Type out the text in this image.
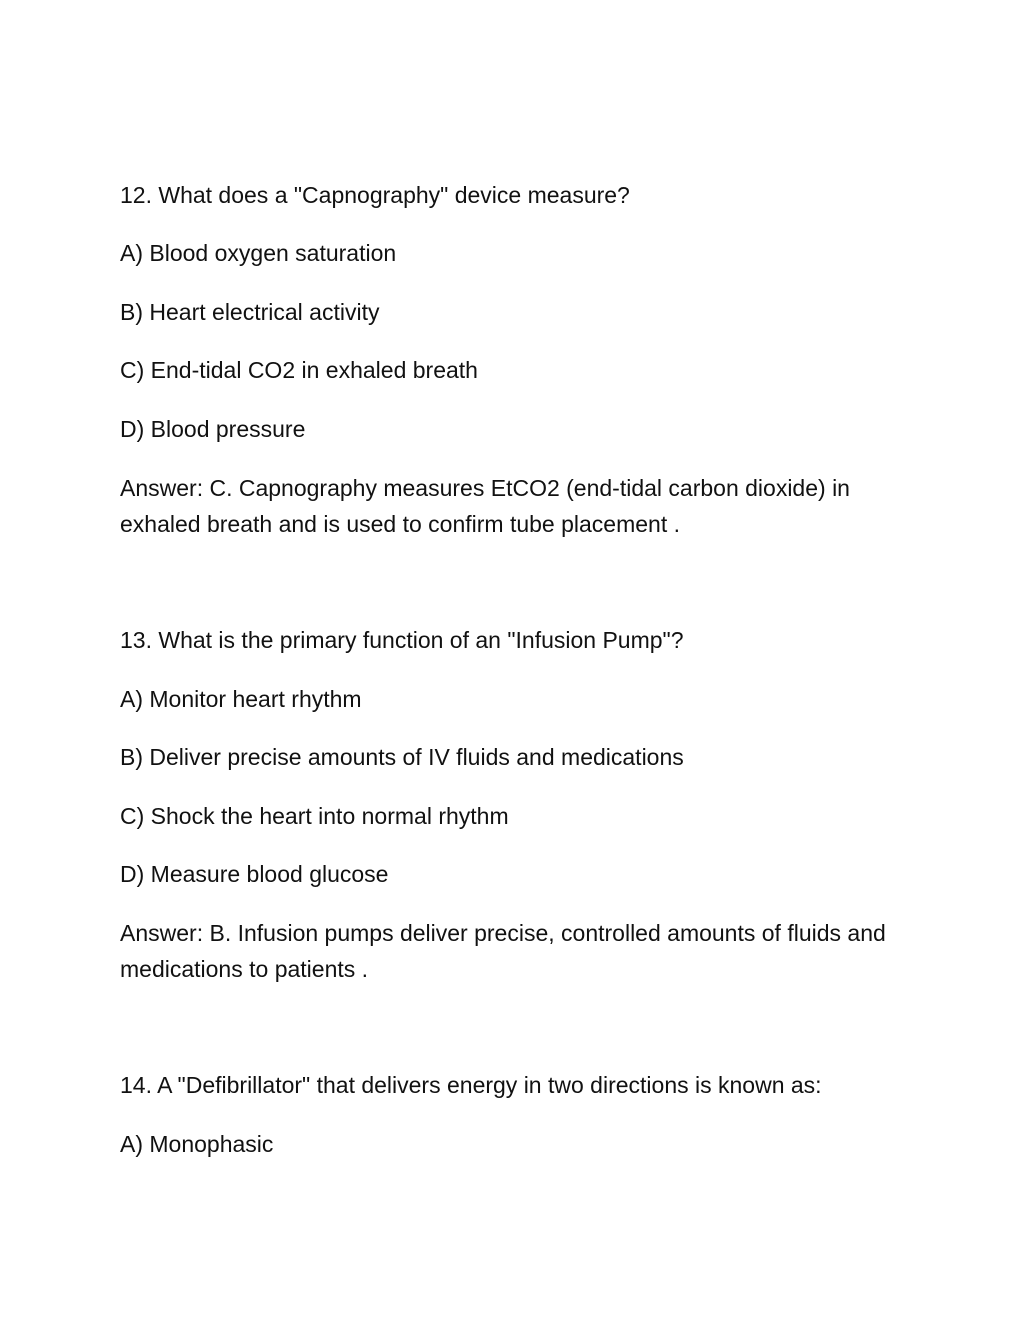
12. What does a "Capnography" device measure?
A) Blood oxygen saturation
B) Heart electrical activity
C) End-tidal CO2 in exhaled breath
D) Blood pressure
Answer: C. Capnography measures EtCO2 (end-tidal carbon dioxide) in exhaled breath and is used to confirm tube placement .
13. What is the primary function of an "Infusion Pump"?
A) Monitor heart rhythm
B) Deliver precise amounts of IV fluids and medications
C) Shock the heart into normal rhythm
D) Measure blood glucose
Answer: B. Infusion pumps deliver precise, controlled amounts of fluids and medications to patients .
14. A "Defibrillator" that delivers energy in two directions is known as:
A) Monophasic
